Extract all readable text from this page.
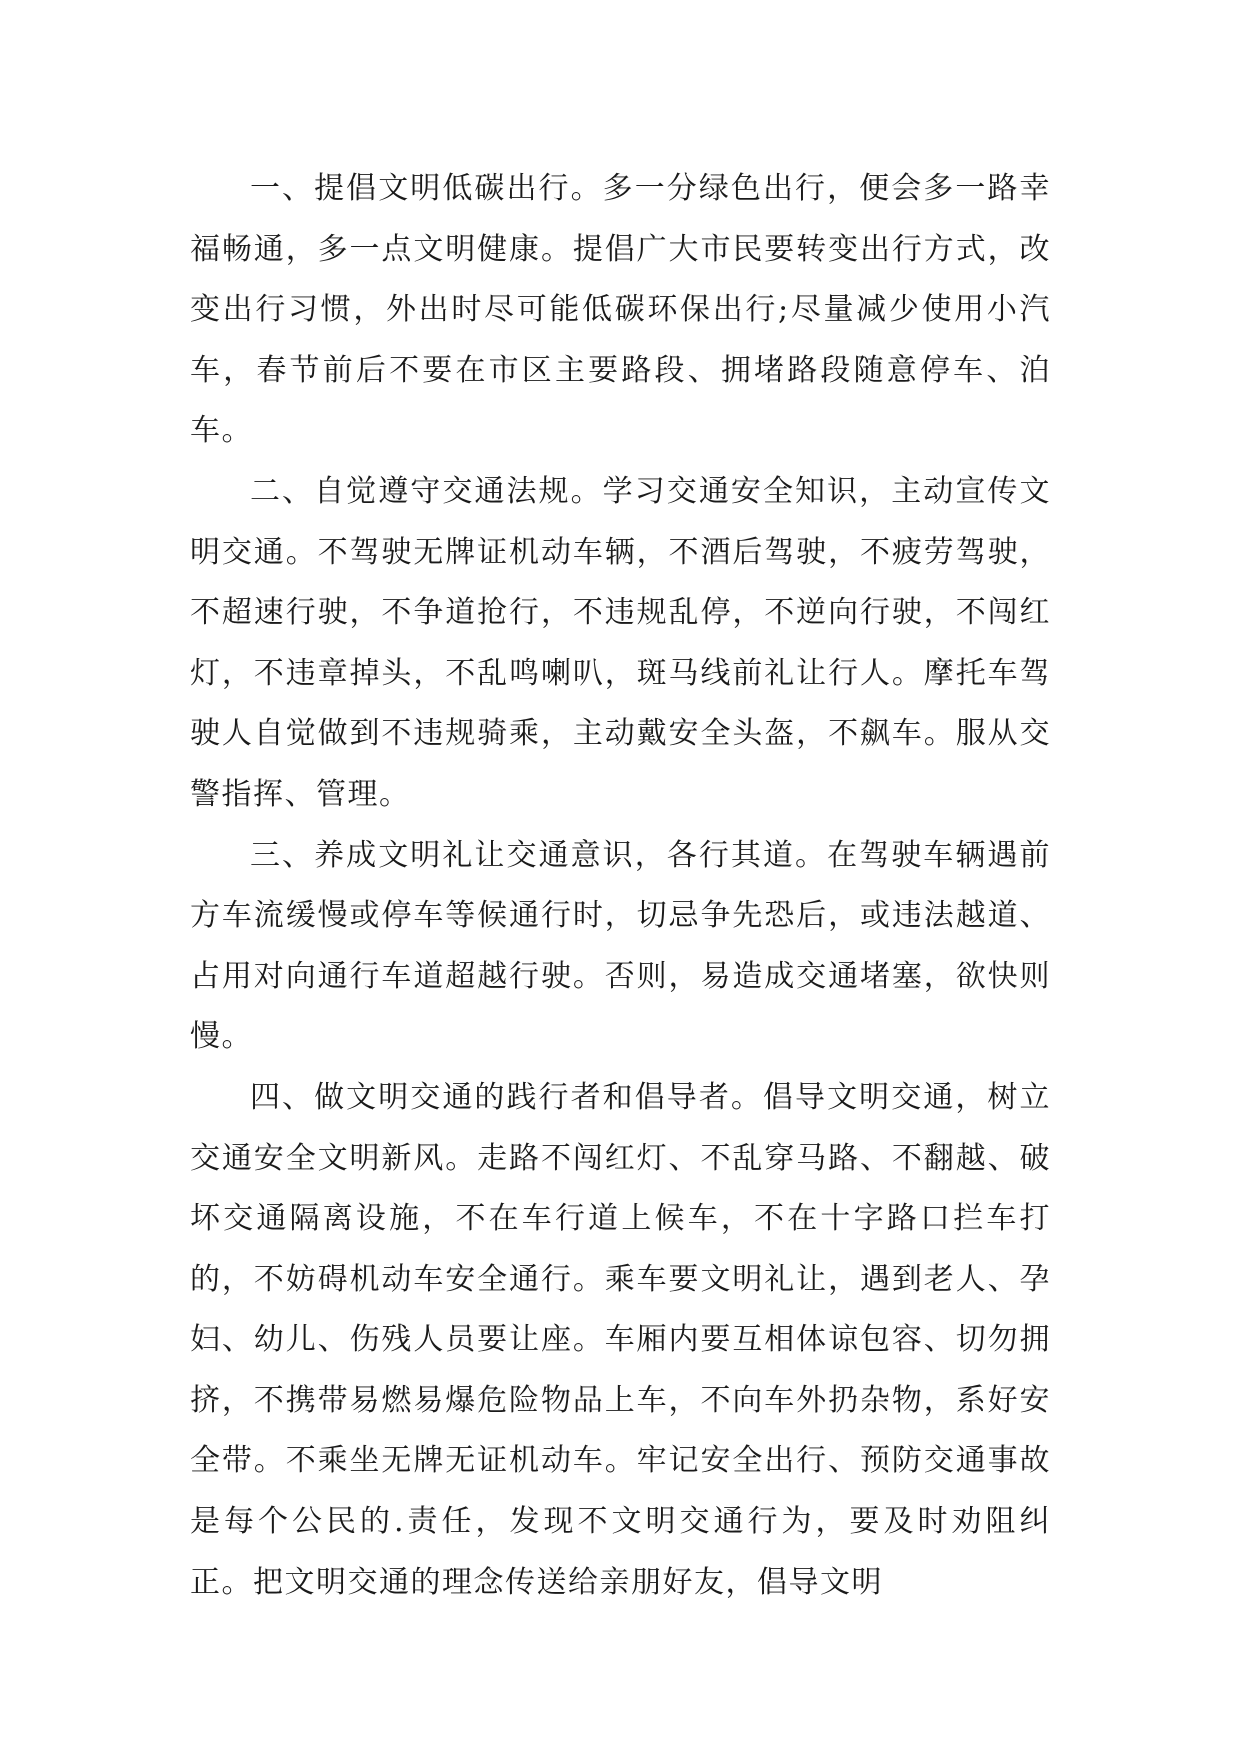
一、提倡文明低碳出行。多一分绿色出行，便会多一路幸福畅通，多一点文明健康。提倡广大市民要转变出行方式，改变出行习惯，外出时尽可能低碳环保出行;尽量减少使用小汽车，春节前后不要在市区主要路段、拥堵路段随意停车、泊车。

二、自觉遵守交通法规。学习交通安全知识，主动宣传文明交通。不驾驶无牌证机动车辆，不酒后驾驶，不疲劳驾驶，不超速行驶，不争道抢行，不违规乱停，不逆向行驶，不闯红灯，不违章掉头，不乱鸣喇叭，斑马线前礼让行人。摩托车驾驶人自觉做到不违规骑乘，主动戴安全头盔，不飙车。服从交警指挥、管理。

三、养成文明礼让交通意识，各行其道。在驾驶车辆遇前方车流缓慢或停车等候通行时，切忌争先恐后，或违法越道、占用对向通行车道超越行驶。否则，易造成交通堵塞，欲快则慢。

四、做文明交通的践行者和倡导者。倡导文明交通，树立交通安全文明新风。走路不闯红灯、不乱穿马路、不翻越、破坏交通隔离设施，不在车行道上候车，不在十字路口拦车打的，不妨碍机动车安全通行。乘车要文明礼让，遇到老人、孕妇、幼儿、伤残人员要让座。车厢内要互相体谅包容、切勿拥挤，不携带易燃易爆危险物品上车，不向车外扔杂物，系好安全带。不乘坐无牌无证机动车。牢记安全出行、预防交通事故是每个公民的.责任，发现不文明交通行为，要及时劝阻纠正。把文明交通的理念传送给亲朋好友，倡导文明
